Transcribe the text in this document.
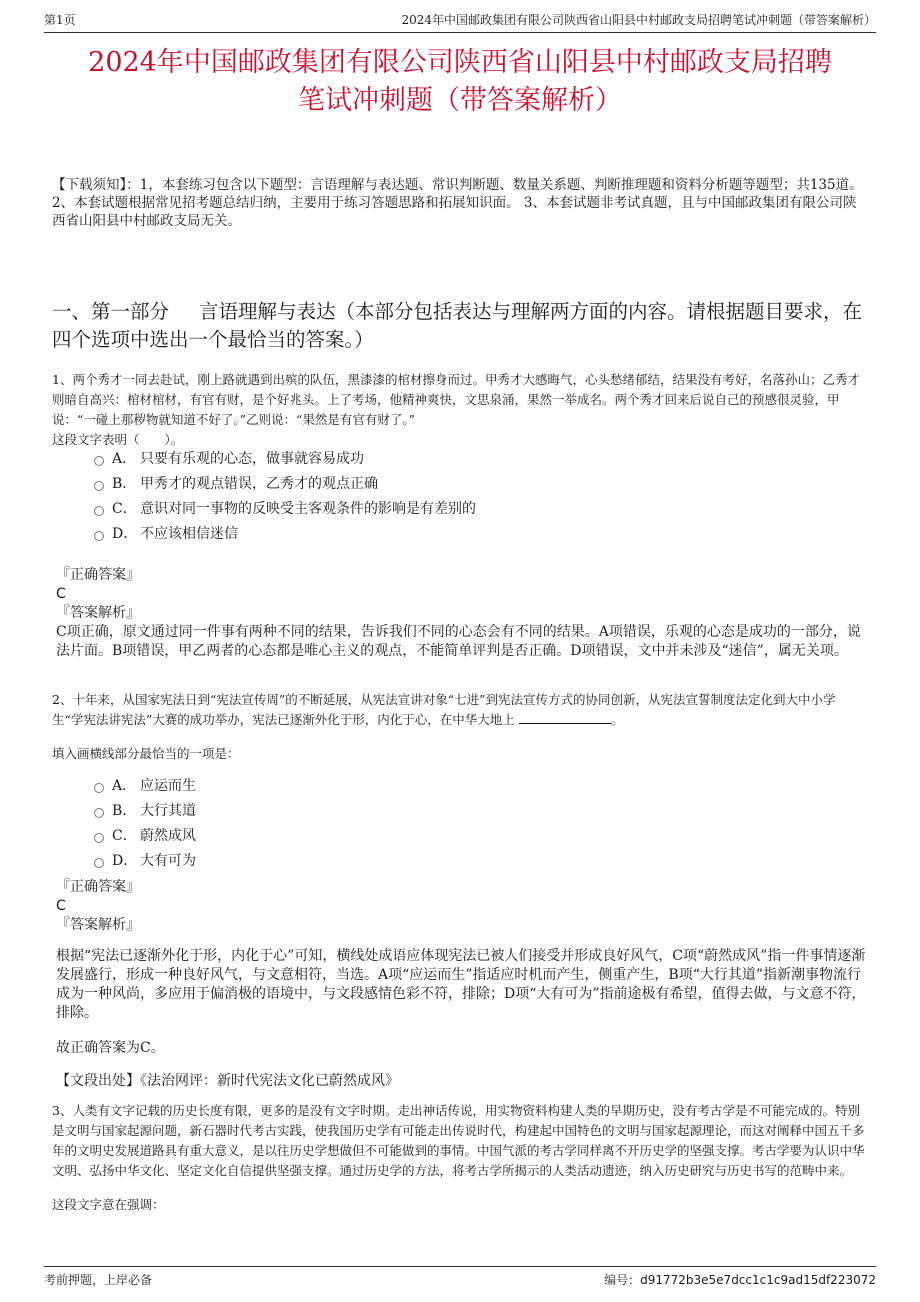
第1页	2024年中国邮政集团有限公司陕西省山阳县中村邮政支局招聘笔试冲刺题（带答案解析）
2024年中国邮政集团有限公司陕西省山阳县中村邮政支局招聘
笔试冲刺题（带答案解析）
【下载须知】：1，本套练习包含以下题型：言语理解与表达题、常识判断题、数量关系题、判断推理题和资料分析题等题型；共135道。 2、本套试题根据常见招考题总结归纳，主要用于练习答题思路和拓展知识面。 3、本套试题非考试真题，且与中国邮政集团有限公司陕西省山阳县中村邮政支局无关。
一、第一部分 言语理解与表达（本部分包括表达与理解两方面的内容。请根据题目要求，在四个选项中选出一个最恰当的答案。）
1、两个秀才一同去赴试，刚上路就遇到出殡的队伍，黑漆漆的棺材擦身而过。甲秀才大感晦气，心头愁绪郁结，结果没有考好，名落孙山；乙秀才则暗自高兴：棺材棺材，有官有财，是个好兆头。上了考场，他精神爽快，文思泉涌，果然一举成名。两个秀才回来后说自己的预感很灵验，甲说：“一碰上那秽物就知道不好了。”乙则说：“果然是有官有财了。”
这段文字表明（　　）。
A． 只要有乐观的心态，做事就容易成功
B． 甲秀才的观点错误，乙秀才的观点正确
C． 意识对同一事物的反映受主客观条件的影响是有差别的
D． 不应该相信迷信
『正确答案』
C
『答案解析』
C项正确，原文通过同一件事有两种不同的结果，告诉我们不同的心态会有不同的结果。A项错误，乐观的心态是成功的一部分，说法片面。B项错误，甲乙两者的心态都是唯心主义的观点，不能简单评判是否正确。D项错误，文中并未涉及“迷信”，属无关项。
2、十年来，从国家宪法日到“宪法宣传周”的不断延展，从宪法宣讲对象“七进”到宪法宣传方式的协同创新，从宪法宣誓制度法定化到大中小学生“学宪法讲宪法”大赛的成功举办，宪法已逐渐外化于形，内化于心，在中华大地上	。
填入画横线部分最恰当的一项是：
A． 应运而生
B． 大行其道
C． 蔚然成风
D． 大有可为
『正确答案』
C
『答案解析』
根据“宪法已逐渐外化于形，内化于心”可知，横线处成语应体现宪法已被人们接受并形成良好风气，C项“蔚然成风”指一件事情逐渐发展盛行，形成一种良好风气，与文意相符，当选。A项“应运而生”指适应时机而产生，侧重产生，B项“大行其道”指新潮事物流行成为一种风尚，多应用于偏消极的语境中，与文段感情色彩不符，排除；D项“大有可为”指前途极有希望，值得去做，与文意不符，排除。
故正确答案为C。
【文段出处】《法治网评：新时代宪法文化已蔚然成风》
3、人类有文字记载的历史长度有限，更多的是没有文字时期。走出神话传说，用实物资料构建人类的早期历史，没有考古学是不可能完成的。特别是文明与国家起源问题，新石器时代考古实践，使我国历史学有可能走出传说时代，构建起中国特色的文明与国家起源理论，而这对阐释中国五千多年的文明史发展道路具有重大意义，是以往历史学想做但不可能做到的事情。中国气派的考古学同样离不开历史学的坚强支撑。考古学要为认识中华文明、弘扬中华文化、坚定文化自信提供坚强支撑。通过历史学的方法，将考古学所揭示的人类活动遗迹，纳入历史研究与历史书写的范畴中来。
这段文字意在强调：
考前押题，上岸必备	编号：d91772b3e5e7dcc1c1c9ad15df223072
